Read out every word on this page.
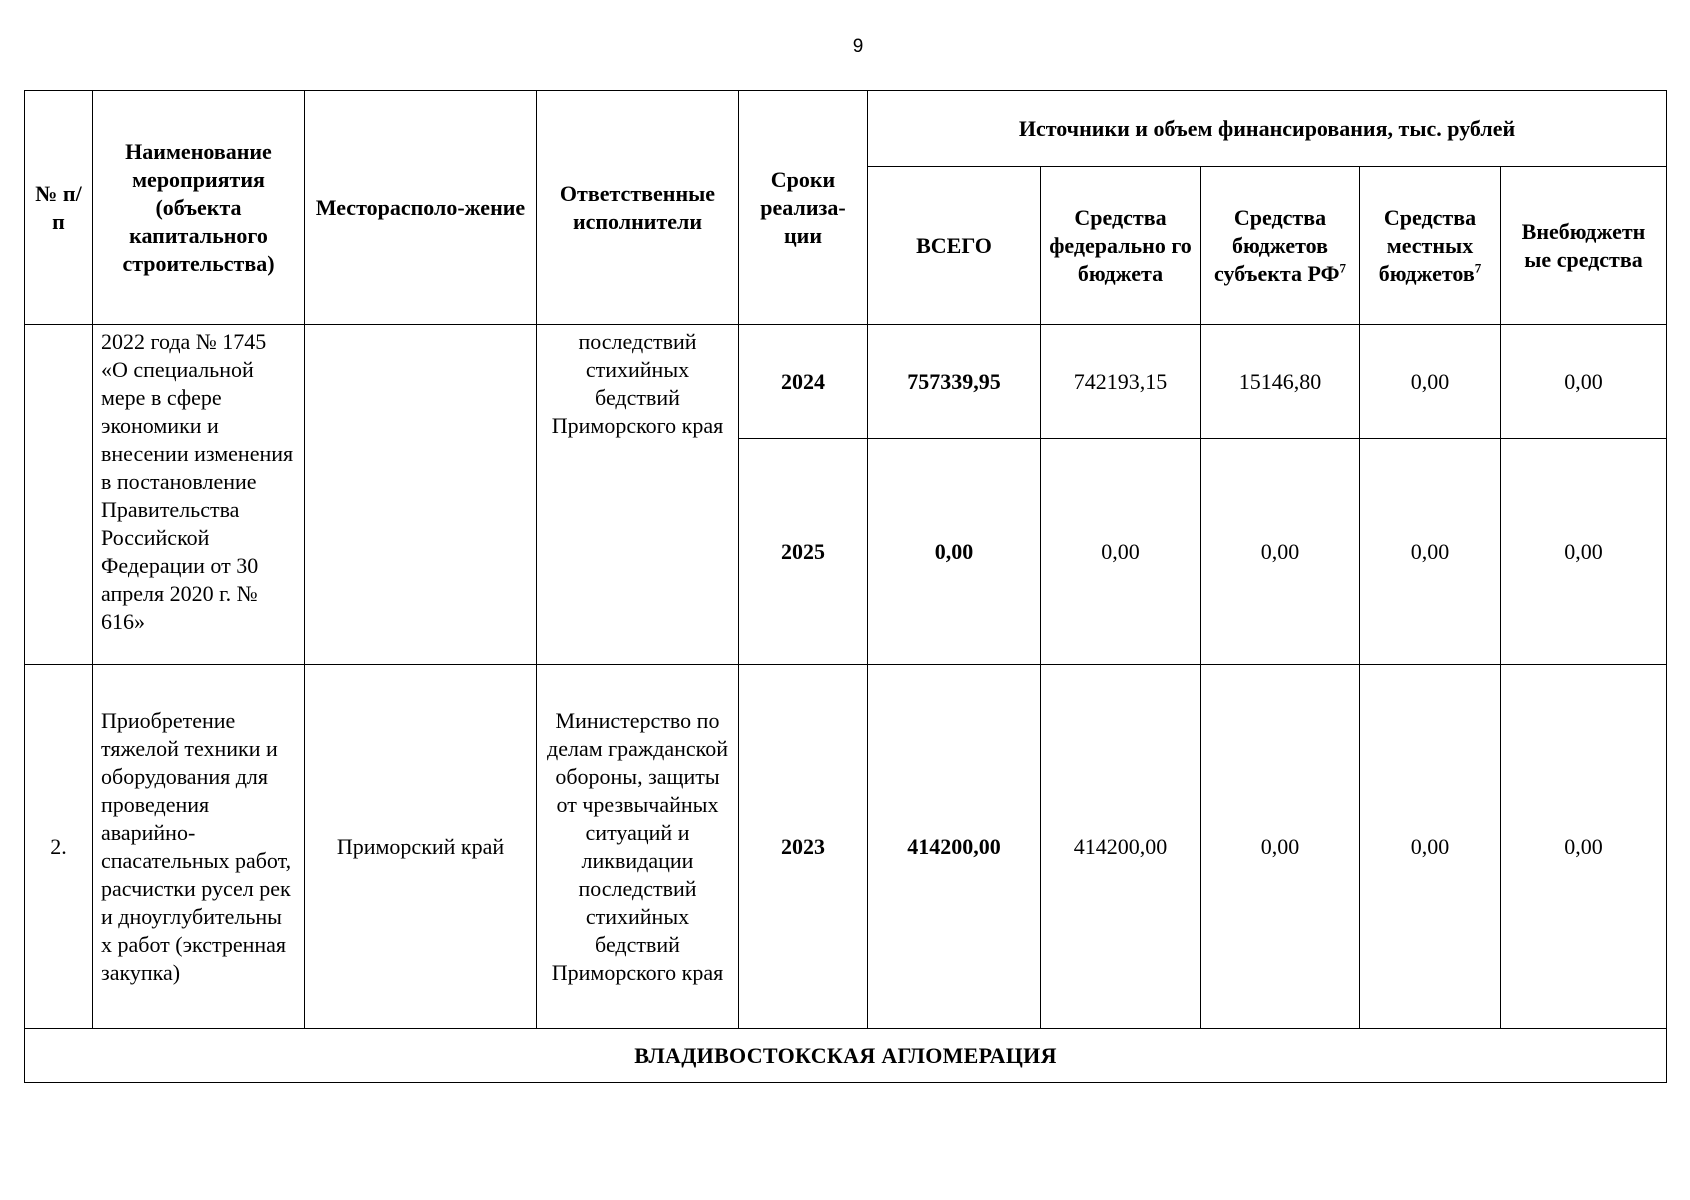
9
№ п/п	Наименование мероприятия (объекта капитального строительства)	Месторасполо-жение	Ответственные исполнители	Сроки реализа-ции	Источники и объем финансирования, тыс. рублей				
					ВСЕГО	Средства федерально го бюджета	Средства бюджетов субъекта $РФ^7$	Средства местных бюджетов$^7$	Внебюджетн ые средства
	2022 года № 1745 «О специальной мере в сфере экономики и внесении изменения в постановление Правительства Российской Федерации от 30 апреля 2020 г. № 616»		последствий стихийных бедствий Приморского края	2024	757339,95	742193,15	15146,80	0,00	0,00
				2025	0,00	0,00	0,00	0,00	0,00
2.	Приобретение тяжелой техники и оборудования для проведения аварийно-спасательных работ, расчистки русел рек и дноуглубительны х работ (экстренная закупка)	Приморский край	Министерство по делам гражданской обороны, защиты от чрезвычайных ситуаций и ликвидации последствий стихийных бедствий Приморского края	2023	414200,00	414200,00	0,00	0,00	0,00
ВЛАДИВОСТОКСКАЯ АГЛОМЕРАЦИЯ									
